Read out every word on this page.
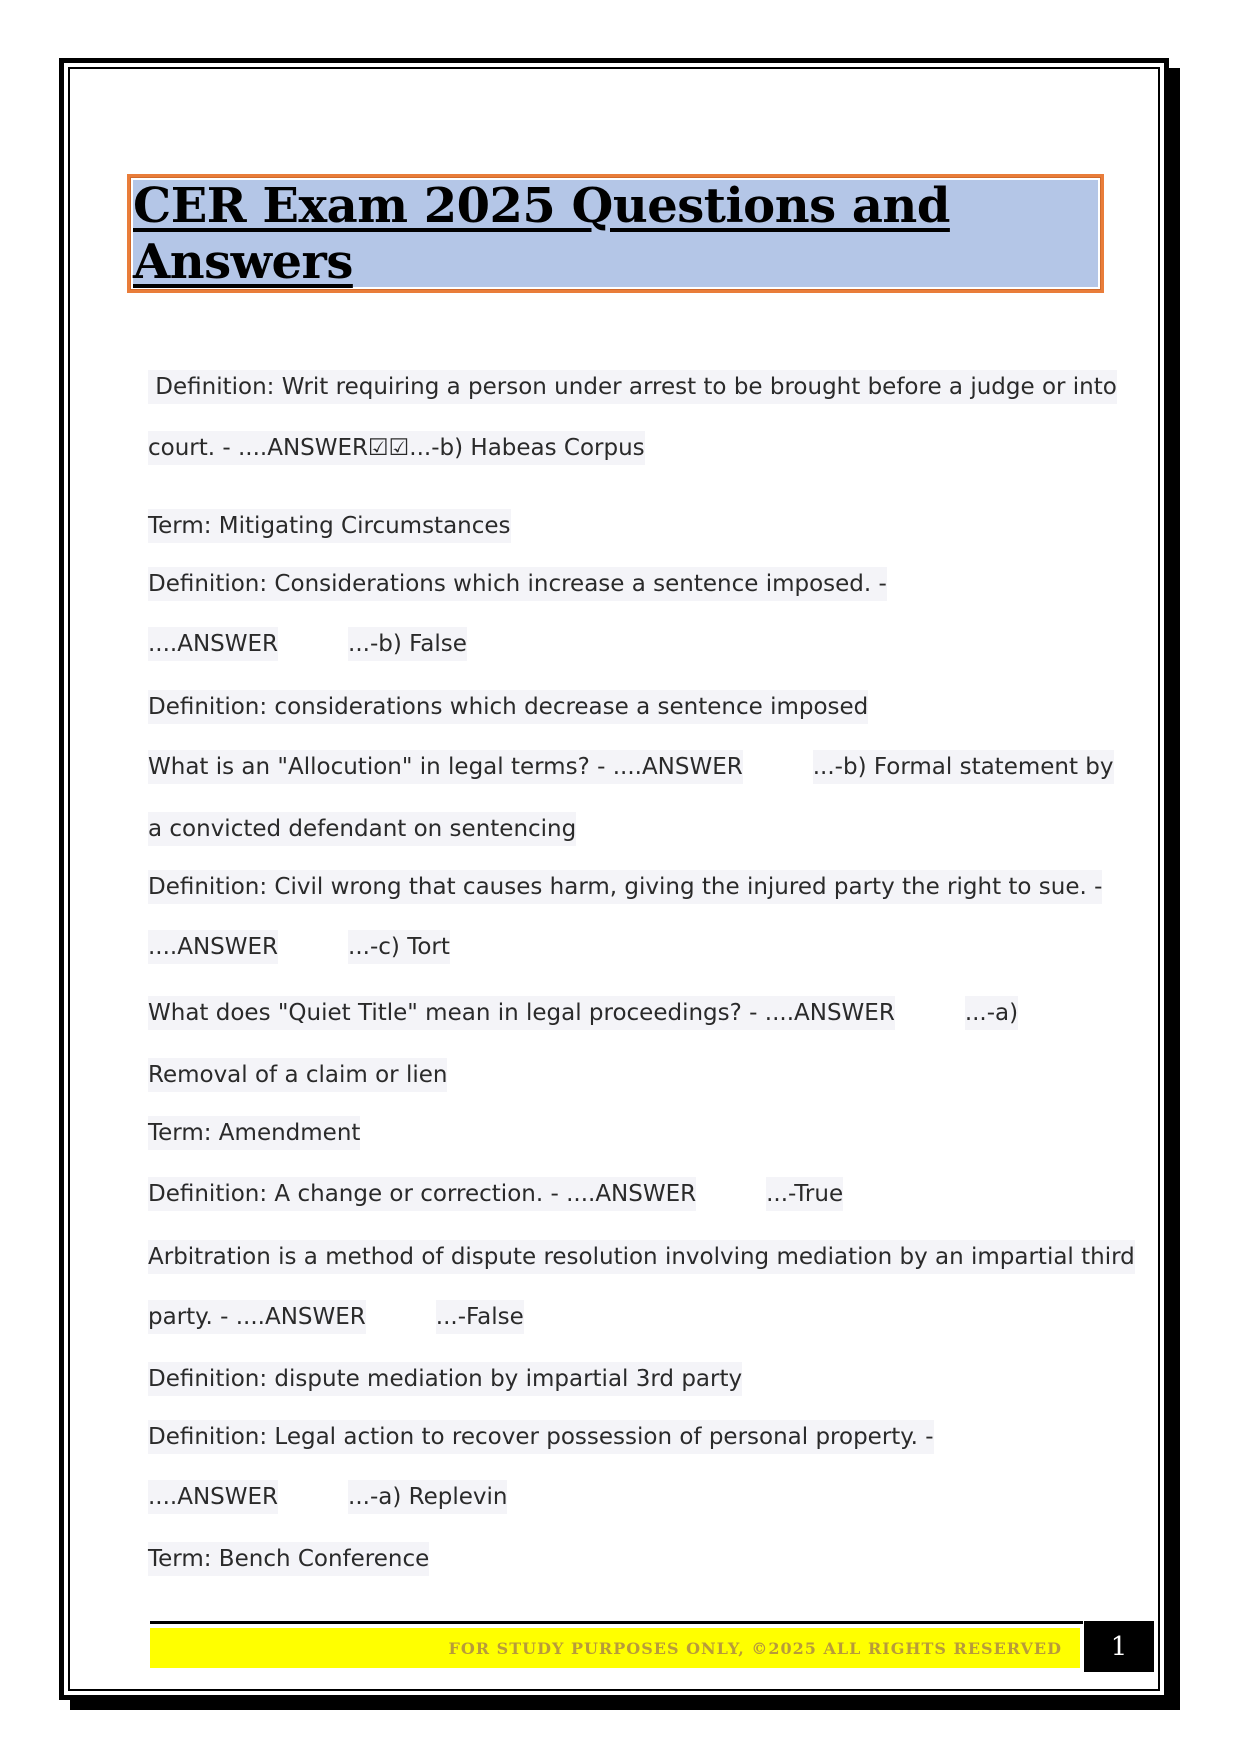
CER Exam 2025 Questions and Answers
Definition: Writ requiring a person under arrest to be brought before a judge or into
court. - ....ANSWER☑☑...-b) Habeas Corpus
Term: Mitigating Circumstances
Definition: Considerations which increase a sentence imposed. -
....ANSWER	...-b) False
Definition: considerations which decrease a sentence imposed
What is an "Allocution" in legal terms? - ....ANSWER	...-b) Formal statement by
a convicted defendant on sentencing
Definition: Civil wrong that causes harm, giving the injured party the right to sue. -
....ANSWER	...-c) Tort
What does "Quiet Title" mean in legal proceedings? - ....ANSWER	...-a)
Removal of a claim or lien
Term: Amendment
Definition: A change or correction. - ....ANSWER	...-True
Arbitration is a method of dispute resolution involving mediation by an impartial third
party. - ....ANSWER	...-False
Definition: dispute mediation by impartial 3rd party
Definition: Legal action to recover possession of personal property. -
....ANSWER	...-a) Replevin
Term: Bench Conference
FOR STUDY PURPOSES ONLY, ©2025 ALL RIGHTS RESERVED	1
